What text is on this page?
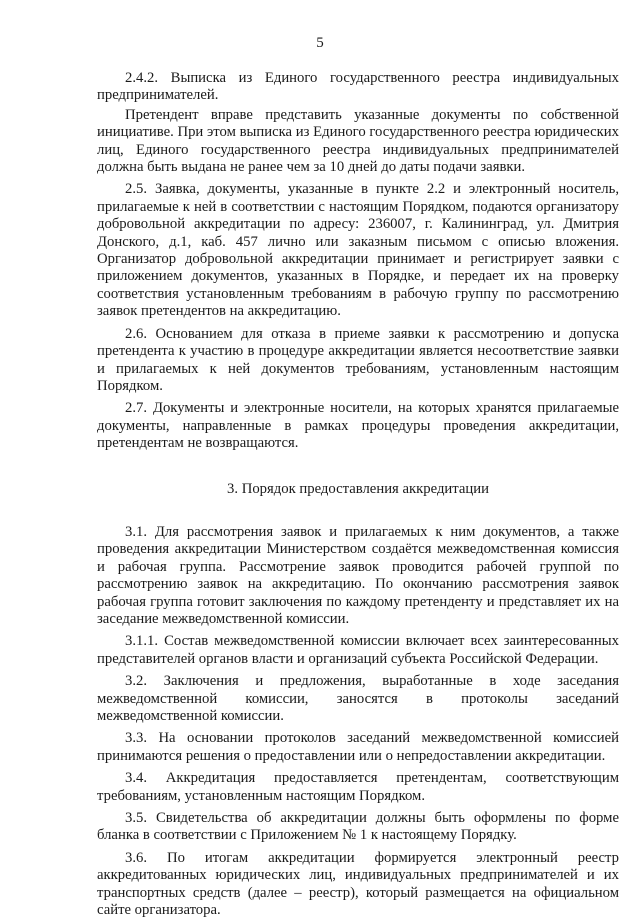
5

2.4.2. Выписка из Единого государственного реестра индивидуальных предпринимателей.

Претендент вправе представить указанные документы по собственной инициативе. При этом выписка из Единого государственного реестра юридических лиц, Единого государственного реестра индивидуальных предпринимателей должна быть выдана не ранее чем за 10 дней до даты подачи заявки.

2.5. Заявка, документы, указанные в пункте 2.2 и электронный носитель, прилагаемые к ней в соответствии с настоящим Порядком, подаются организатору добровольной аккредитации по адресу: 236007, г. Калининград, ул. Дмитрия Донского, д.1, каб. 457 лично или заказным письмом с описью вложения. Организатор добровольной аккредитации принимает и регистрирует заявки с приложением документов, указанных в Порядке, и передает их на проверку соответствия установленным требованиям в рабочую группу по рассмотрению заявок претендентов на аккредитацию.

2.6. Основанием для отказа в приеме заявки к рассмотрению и допуска претендента к участию в процедуре аккредитации является несоответствие заявки и прилагаемых к ней документов требованиям, установленным настоящим Порядком.

2.7. Документы и электронные носители, на которых хранятся прилагаемые документы, направленные в рамках процедуры проведения аккредитации, претендентам не возвращаются.

3. Порядок предоставления аккредитации

3.1. Для рассмотрения заявок и прилагаемых к ним документов, а также проведения аккредитации Министерством создаётся межведомственная комиссия и рабочая группа. Рассмотрение заявок проводится рабочей группой по рассмотрению заявок на аккредитацию. По окончанию рассмотрения заявок рабочая группа готовит заключения по каждому претенденту и представляет их на заседание межведомственной комиссии.

3.1.1. Состав межведомственной комиссии включает всех заинтересованных представителей органов власти и организаций субъекта Российской Федерации.

3.2. Заключения и предложения, выработанные в ходе заседания межведомственной комиссии, заносятся в протоколы заседаний межведомственной комиссии.

3.3. На основании протоколов заседаний межведомственной комиссией принимаются решения о предоставлении или о непредоставлении аккредитации.

3.4. Аккредитация предоставляется претендентам, соответствующим требованиям, установленным настоящим Порядком.

3.5. Свидетельства об аккредитации должны быть оформлены по форме бланка в соответствии с Приложением № 1 к настоящему Порядку.

3.6. По итогам аккредитации формируется электронный реестр аккредитованных юридических лиц, индивидуальных предпринимателей и их транспортных средств (далее – реестр), который размещается на официальном сайте организатора.
